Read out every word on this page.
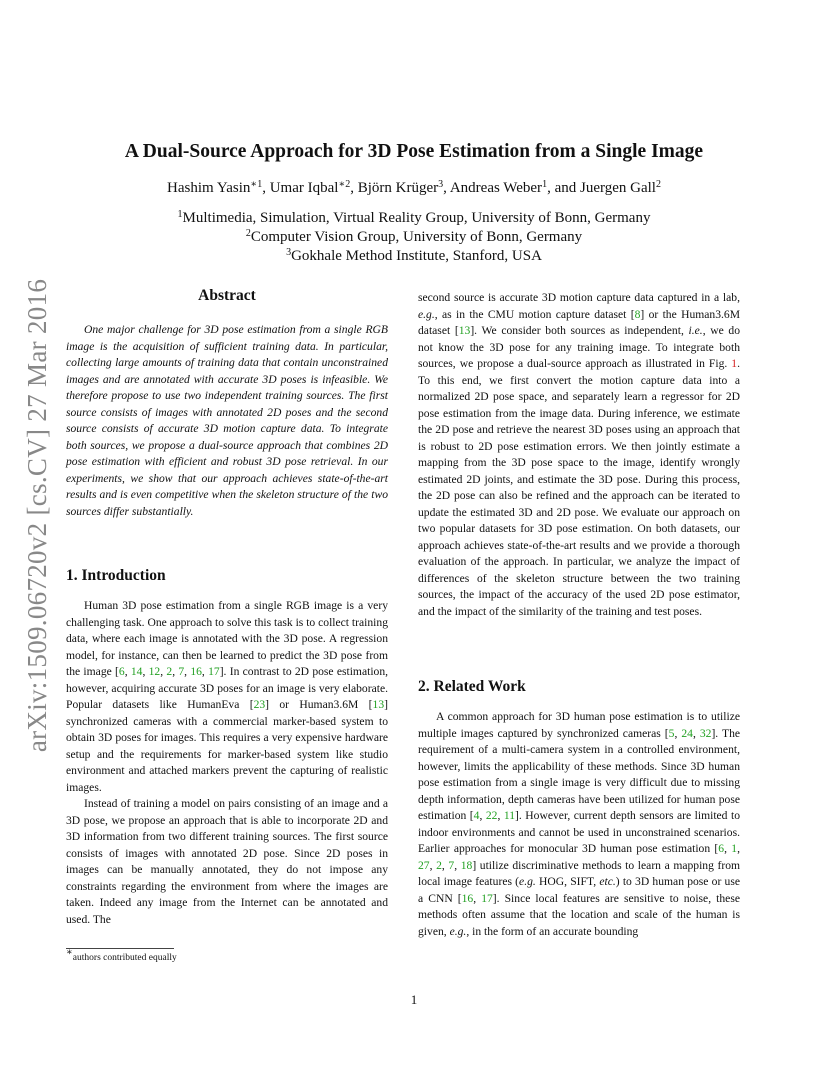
arXiv:1509.06720v2 [cs.CV] 27 Mar 2016
A Dual-Source Approach for 3D Pose Estimation from a Single Image
Hashim Yasin$^{∗1}$, Umar Iqbal$^{∗2}$, Björn Krüger$^3$, Andreas Weber$^1$, and Juergen Gall$^2$
$^1$Multimedia, Simulation, Virtual Reality Group, University of Bonn, Germany
$^2$Computer Vision Group, University of Bonn, Germany
$^3$Gokhale Method Institute, Stanford, USA
Abstract

One major challenge for 3D pose estimation from a single RGB image is the acquisition of sufficient training data. In particular, collecting large amounts of training data that contain unconstrained images and are annotated with accurate 3D poses is infeasible. We therefore propose to use two independent training sources. The first source consists of images with annotated 2D poses and the second source consists of accurate 3D motion capture data. To integrate both sources, we propose a dual-source approach that combines 2D pose estimation with efficient and robust 3D pose retrieval. In our experiments, we show that our approach achieves state-of-the-art results and is even competitive when the skeleton structure of the two sources differ substantially.

1. Introduction

Human 3D pose estimation from a single RGB image is a very challenging task. One approach to solve this task is to collect training data, where each image is annotated with the 3D pose. A regression model, for instance, can then be learned to predict the 3D pose from the image [6, 14, 12, 2, 7, 16, 17]. In contrast to 2D pose estimation, however, acquiring accurate 3D poses for an image is very elaborate. Popular datasets like HumanEva [23] or Human3.6M [13] synchronized cameras with a commercial marker-based system to obtain 3D poses for images. This requires a very expensive hardware setup and the requirements for marker-based system like studio environment and attached markers prevent the capturing of realistic images.

Instead of training a model on pairs consisting of an image and a 3D pose, we propose an approach that is able to incorporate 2D and 3D information from two different training sources. The first source consists of images with annotated 2D pose. Since 2D poses in images can be manually annotated, they do not impose any constraints regarding the environment from where the images are taken. Indeed any image from the Internet can be annotated and used. The

∗authors contributed equally

second source is accurate 3D motion capture data captured in a lab, e.g., as in the CMU motion capture dataset [8] or the Human3.6M dataset [13]. We consider both sources as independent, i.e., we do not know the 3D pose for any training image. To integrate both sources, we propose a dual-source approach as illustrated in Fig. 1. To this end, we first convert the motion capture data into a normalized 2D pose space, and separately learn a regressor for 2D pose estimation from the image data. During inference, we estimate the 2D pose and retrieve the nearest 3D poses using an approach that is robust to 2D pose estimation errors. We then jointly estimate a mapping from the 3D pose space to the image, identify wrongly estimated 2D joints, and estimate the 3D pose. During this process, the 2D pose can also be refined and the approach can be iterated to update the estimated 3D and 2D pose. We evaluate our approach on two popular datasets for 3D pose estimation. On both datasets, our approach achieves state-of-the-art results and we provide a thorough evaluation of the approach. In particular, we analyze the impact of differences of the skeleton structure between the two training sources, the impact of the accuracy of the used 2D pose estimator, and the impact of the similarity of the training and test poses.

2. Related Work

A common approach for 3D human pose estimation is to utilize multiple images captured by synchronized cameras [5, 24, 32]. The requirement of a multi-camera system in a controlled environment, however, limits the applicability of these methods. Since 3D human pose estimation from a single image is very difficult due to missing depth information, depth cameras have been utilized for human pose estimation [4, 22, 11]. However, current depth sensors are limited to indoor environments and cannot be used in unconstrained scenarios. Earlier approaches for monocular 3D human pose estimation [6, 1, 27, 2, 7, 18] utilize discriminative methods to learn a mapping from local image features (e.g. HOG, SIFT, etc.) to 3D human pose or use a CNN [16, 17]. Since local features are sensitive to noise, these methods often assume that the location and scale of the human is given, e.g., in the form of an accurate bounding

1
